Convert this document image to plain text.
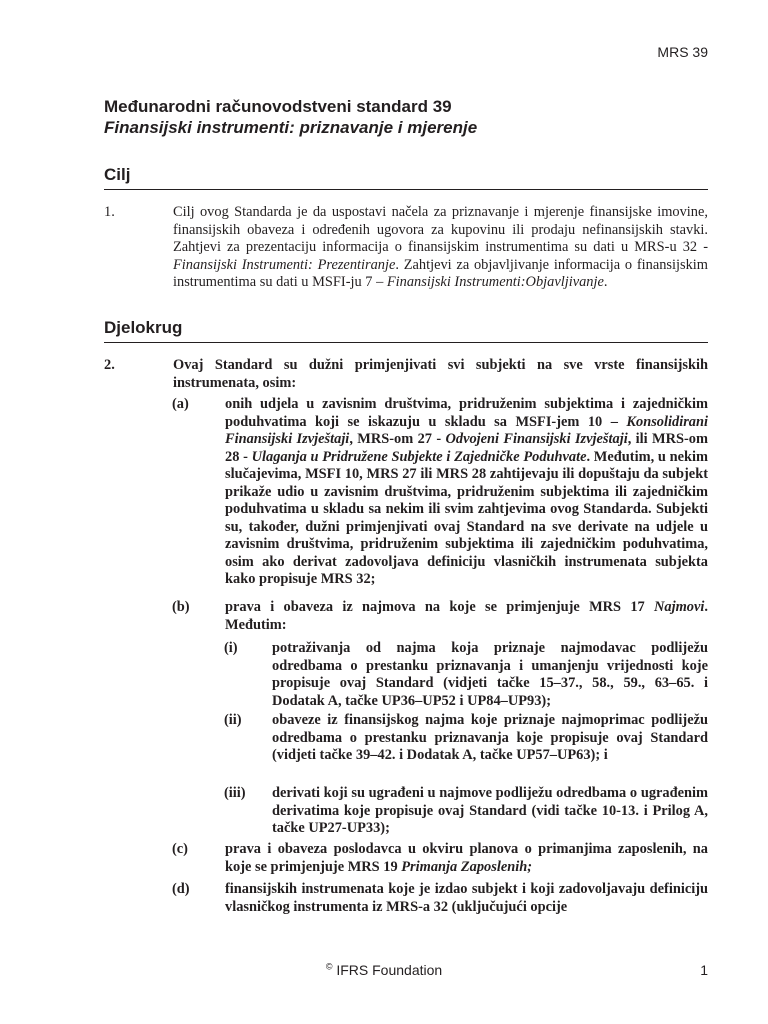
MRS 39
Međunarodni računovodstveni standard 39
Finansijski instrumenti: priznavanje i mjerenje
Cilj
1.	Cilj ovog Standarda je da uspostavi načela za priznavanje i mjerenje finansijske imovine, finansijskih obaveza i određenih ugovora za kupovinu ili prodaju nefinansijskih stavki. Zahtjevi za prezentaciju informacija o finansijskim instrumentima su dati u MRS-u 32 - Finansijski Instrumenti: Prezentiranje. Zahtjevi za objavljivanje informacija o finansijskim instrumentima su dati u MSFI-ju 7 – Finansijski Instrumenti:Objavljivanje.
Djelokrug
2.	Ovaj Standard su dužni primjenjivati svi subjekti na sve vrste finansijskih instrumenata, osim:
(a)	onih udjela u zavisnim društvima, pridruženim subjektima i zajedničkim poduhvatima koji se iskazuju u skladu sa MSFI-jem 10 – Konsolidirani Finansijski Izvještaji, MRS-om 27 - Odvojeni Finansijski Izvještaji, ili MRS-om 28 - Ulaganja u Pridružene Subjekte i Zajedničke Poduhvate. Međutim, u nekim slučajevima, MSFI 10, MRS 27 ili MRS 28 zahtijevaju ili dopuštaju da subjekt prikaže udio u zavisnim društvima, pridruženim subjektima ili zajedničkim poduhvatima u skladu sa nekim ili svim zahtjevima ovog Standarda. Subjekti su, također, dužni primjenjivati ovaj Standard na sve derivate na udjele u zavisnim društvima, pridruženim subjektima ili zajedničkim poduhvatima, osim ako derivat zadovoljava definiciju vlasničkih instrumenata subjekta kako propisuje MRS 32;
(b) prava i obaveza iz najmova na koje se primjenjuje MRS 17 Najmovi. Međutim:
(i) potraživanja od najma koja priznaje najmodavac podliježu odredbama o prestanku priznavanja i umanjenju vrijednosti koje propisuje ovaj Standard (vidjeti tačke 15–37., 58., 59., 63–65. i Dodatak A, tačke UP36–UP52 i UP84–UP93);
(ii) obaveze iz finansijskog najma koje priznaje najmoprimac podliježu odredbama o prestanku priznavanja koje propisuje ovaj Standard (vidjeti tačke 39–42. i Dodatak A, tačke UP57–UP63); i
(iii) derivati koji su ugrađeni u najmove podliježu odredbama o ugrađenim derivatima koje propisuje ovaj Standard (vidi tačke 10-13. i Prilog A, tačke UP27-UP33);
(c)	prava i obaveza poslodavca u okviru planova o primanjima zaposlenih, na koje se primjenjuje MRS 19 Primanja Zaposlenih;
(d) finansijskih instrumenata koje je izdao subjekt i koji zadovoljavaju definiciju vlasničkog instrumenta iz MRS-a 32 (uključujući opcije
© IFRS Foundation	1
